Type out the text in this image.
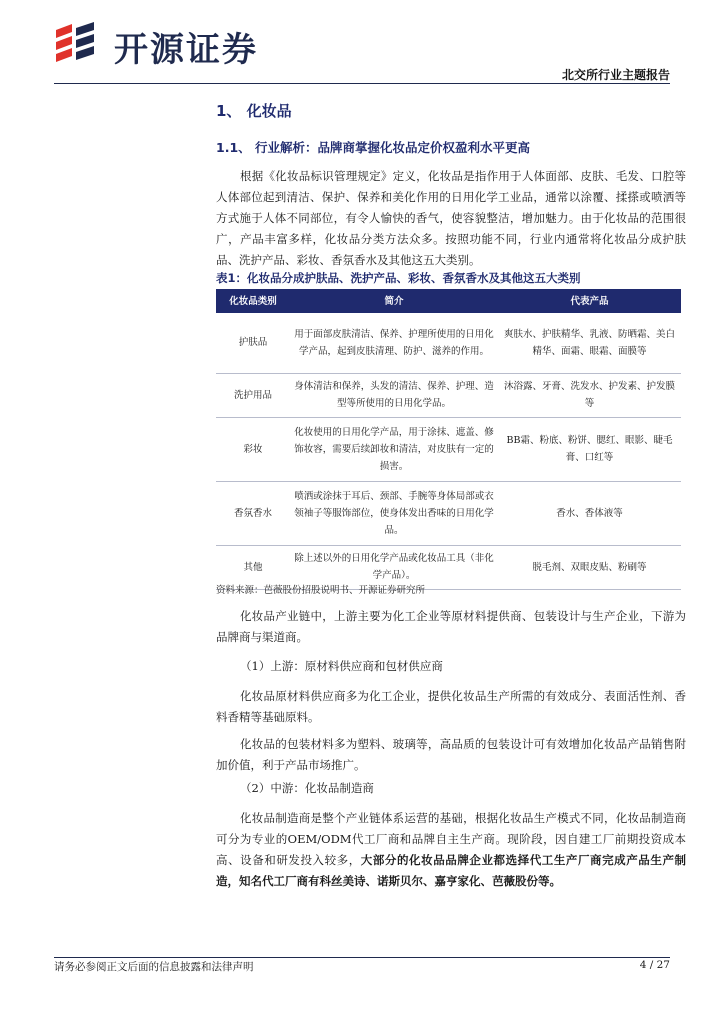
开源证券
北交所行业主题报告
1、 化妆品
1.1、 行业解析：品牌商掌握化妆品定价权盈利水平更高

根据《化妆品标识管理规定》定义，化妆品是指作用于人体面部、皮肤、毛发、口腔等人体部位起到清洁、保护、保养和美化作用的日用化学工业品，通常以涂覆、揉搽或喷洒等方式施于人体不同部位，有令人愉快的香气，使容貌整洁，增加魅力。由于化妆品的范围很广，产品丰富多样，化妆品分类方法众多。按照功能不同，行业内通常将化妆品分成护肤品、洗护产品、彩妆、香氛香水及其他这五大类别。

表1：化妆品分成护肤品、洗护产品、彩妆、香氛香水及其他这五大类别
化妆品类别	简介	代表产品
护肤品	用于面部皮肤清洁、保养、护理所使用的日用化学产品，起到皮肤清理、防护、滋养的作用。	爽肤水、护肤精华、乳液、防晒霜、美白精华、面霜、眼霜、面膜等
洗护用品	身体清洁和保养，头发的清洁、保养、护理、造型等所使用的日用化学品。	沐浴露、牙膏、洗发水、护发素、护发膜等
彩妆	化妆使用的日用化学产品，用于涂抹、遮盖、修饰妆容，需要后续卸妆和清洁，对皮肤有一定的损害。	BB霜、粉底、粉饼、腮红、眼影、睫毛膏、口红等
香氛香水	喷洒或涂抹于耳后、颈部、手腕等身体局部或衣领袖子等服饰部位，使身体发出香味的日用化学品。	香水、香体液等
其他	除上述以外的日用化学产品或化妆品工具（非化学产品）。	脱毛剂、双眼皮贴、粉刷等
资料来源：芭薇股份招股说明书、开源证券研究所

化妆品产业链中，上游主要为化工企业等原材料提供商、包装设计与生产企业，下游为品牌商与渠道商。

（1）上游：原材料供应商和包材供应商

化妆品原材料供应商多为化工企业，提供化妆品生产所需的有效成分、表面活性剂、香料香精等基础原料。

化妆品的包装材料多为塑料、玻璃等，高品质的包装设计可有效增加化妆品产品销售附加价值，利于产品市场推广。

（2）中游：化妆品制造商

化妆品制造商是整个产业链体系运营的基础，根据化妆品生产模式不同，化妆品制造商可分为专业的OEM/ODM代工厂商和品牌自主生产商。现阶段，因自建工厂前期投资成本高、设备和研发投入较多，大部分的化妆品品牌企业都选择代工生产厂商完成产品生产制造，知名代工厂商有科丝美诗、诺斯贝尔、嘉亨家化、芭薇股份等。

请务必参阅正文后面的信息披露和法律声明	4 / 27
